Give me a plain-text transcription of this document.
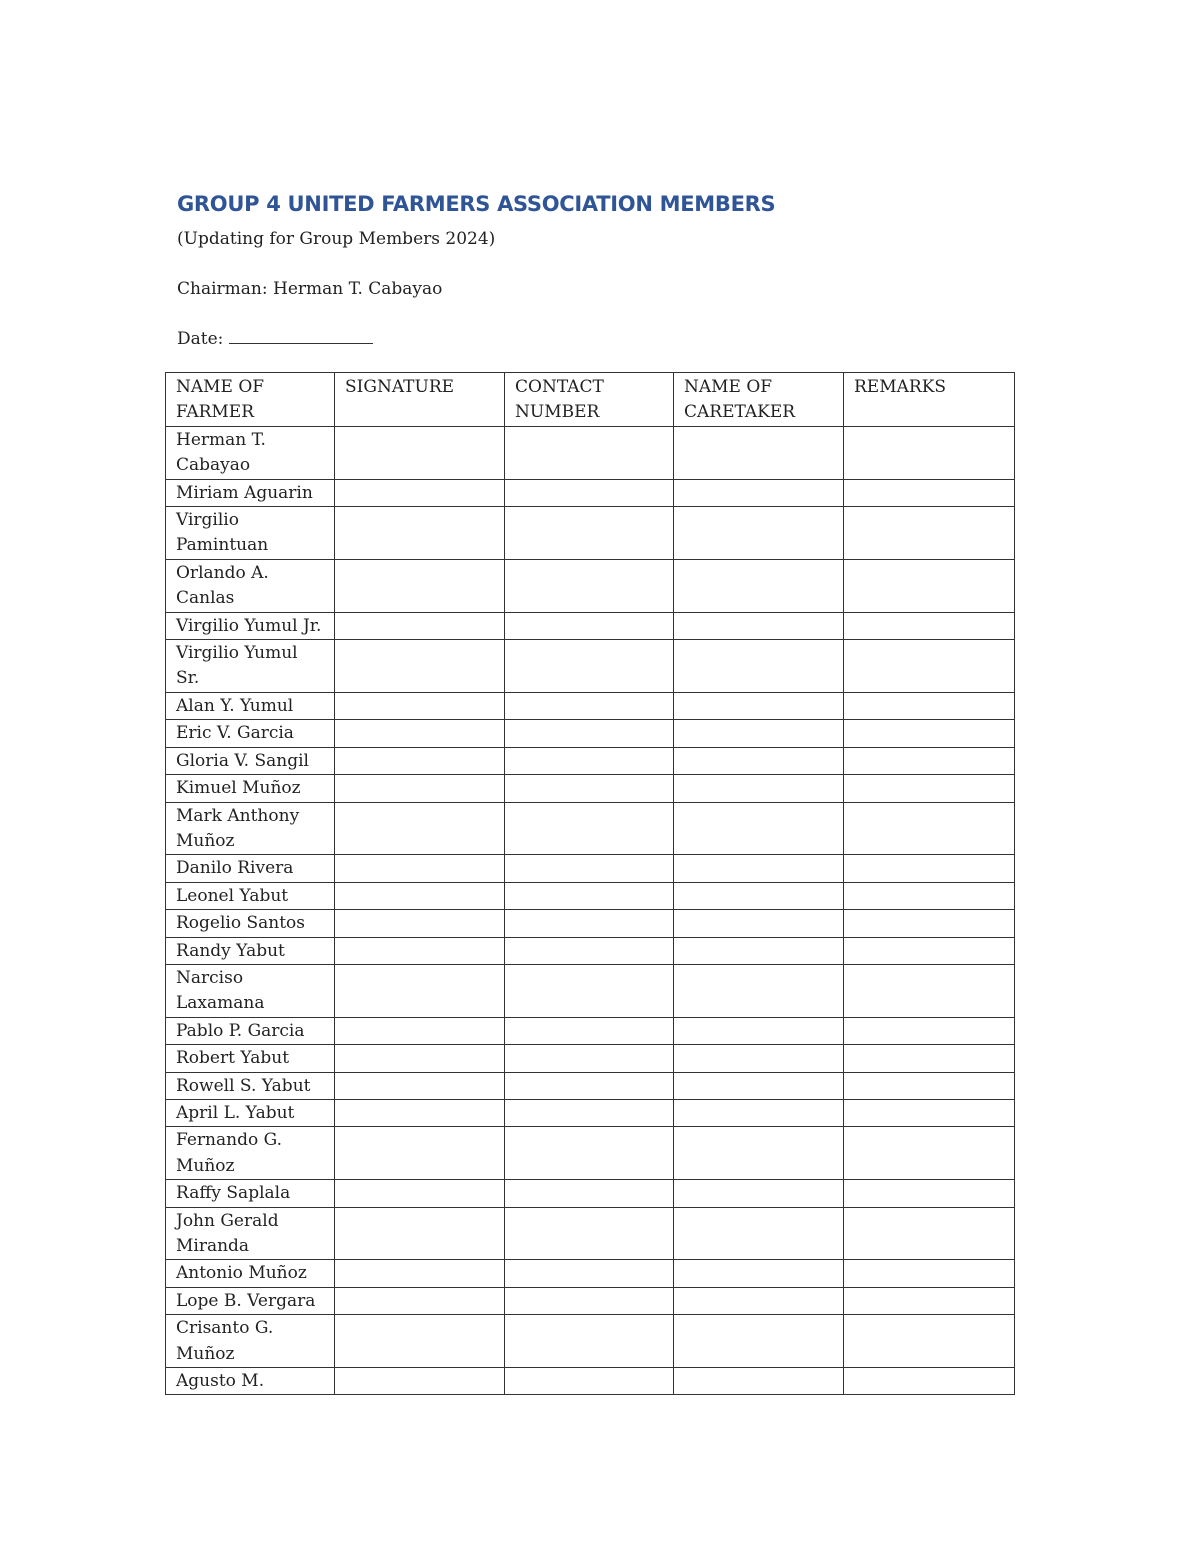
GROUP 4 UNITED FARMERS ASSOCIATION MEMBERS
(Updating for Group Members 2024)
Chairman: Herman T. Cabayao
Date:
NAME OF FARMER	SIGNATURE	CONTACT NUMBER	NAME OF CARETAKER	REMARKS
Herman T. Cabayao				
Miriam Aguarin				
Virgilio Pamintuan				
Orlando A. Canlas				
Virgilio Yumul Jr.				
Virgilio Yumul Sr.				
Alan Y. Yumul				
Eric V. Garcia				
Gloria V. Sangil				
Kimuel Muñoz				
Mark Anthony Muñoz				
Danilo Rivera				
Leonel Yabut				
Rogelio Santos				
Randy Yabut				
Narciso Laxamana				
Pablo P. Garcia				
Robert Yabut				
Rowell S. Yabut				
April L. Yabut				
Fernando G. Muñoz				
Raffy Saplala				
John Gerald Miranda				
Antonio Muñoz				
Lope B. Vergara				
Crisanto G. Muñoz				
Agusto M.				
